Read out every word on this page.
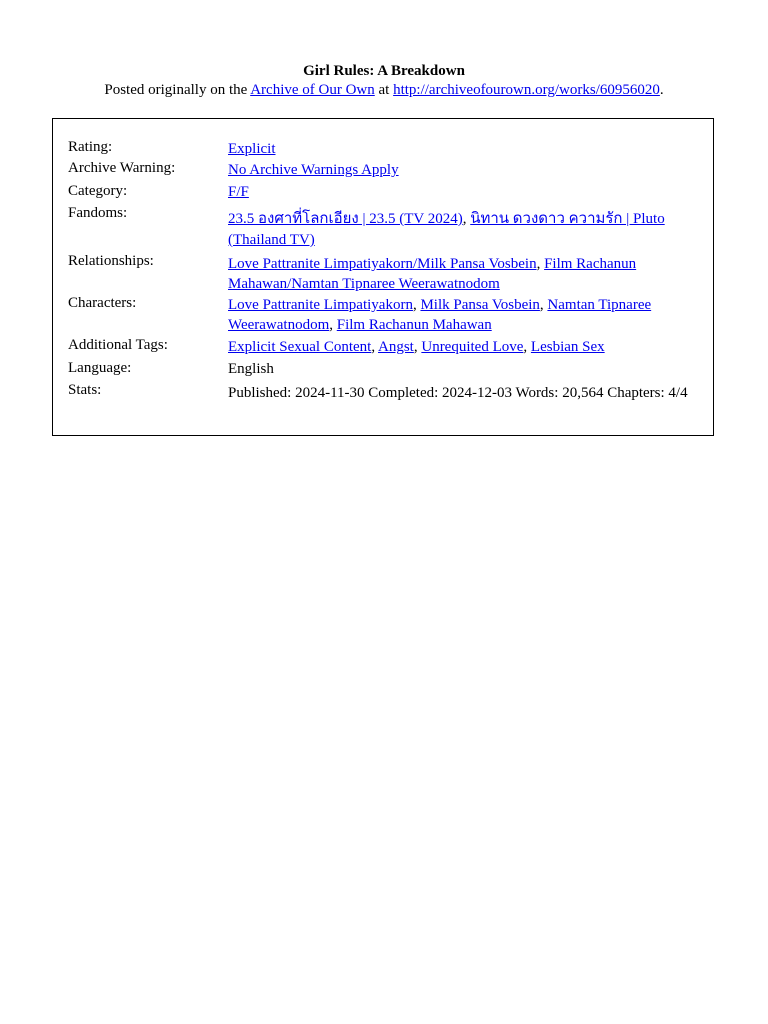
Girl Rules: A Breakdown
Posted originally on the Archive of Our Own at http://archiveofourown.org/works/60956020.
Rating:	Explicit
Archive Warning:	No Archive Warnings Apply
Category:	F/F
Fandoms:	23.5 องศาที่โลกเอียง | 23.5 (TV 2024), นิทาน ดวงดาว ความรัก | Pluto (Thailand TV)
Relationships:	Love Pattranite Limpatiyakorn/Milk Pansa Vosbein, Film Rachanun Mahawan/Namtan Tipnaree Weerawatnodom
Characters:	Love Pattranite Limpatiyakorn, Milk Pansa Vosbein, Namtan Tipnaree Weerawatnodom, Film Rachanun Mahawan
Additional Tags:	Explicit Sexual Content, Angst, Unrequited Love, Lesbian Sex
Language:	English
Stats:	Published: 2024-11-30 Completed: 2024-12-03 Words: 20,564 Chapters: 4/4
